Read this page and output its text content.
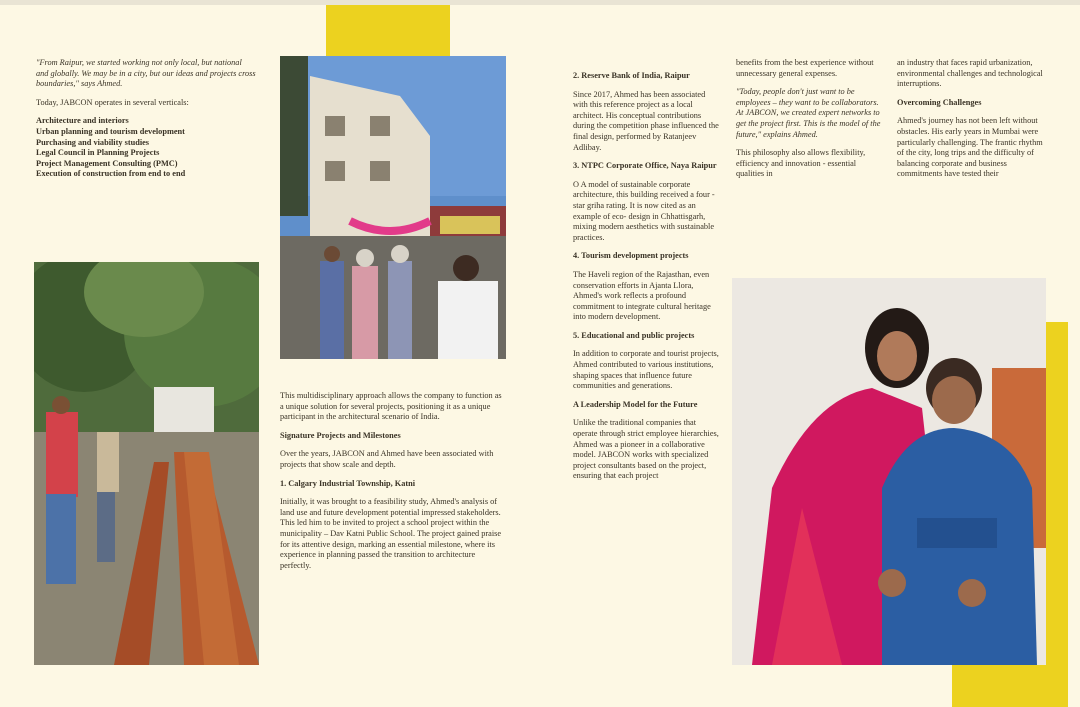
"From Raipur, we started working not only local, but national and globally. We may be in a city, but our ideas and projects cross boundaries," says Ahmed.

Today, JABCON operates in several verticals:

Architecture and interiors
Urban planning and tourism development
Purchasing and viability studies
Legal Council in Planning Projects
Project Management Consulting (PMC)
Execution of construction from end to end

This multidisciplinary approach allows the company to function as a unique solution for several projects, positioning it as a unique participant in the architectural scenario of India.

Signature Projects and Milestones

Over the years, JABCON and Ahmed have been associated with projects that show scale and depth.

1. Calgary Industrial Township, Katni

Initially, it was brought to a feasibility study, Ahmed's analysis of land use and future development potential impressed stakeholders. This led him to be invited to project a school project within the municipality – Dav Katni Public School. The project gained praise for its attentive design, marking an essential milestone, where its experience in planning passed the transition to architecture perfectly.

2. Reserve Bank of India, Raipur

Since 2017, Ahmed has been associated with this reference project as a local architect. His conceptual contributions during the competition phase influenced the final design, performed by Ratanjeev Adlibay.

3. NTPC Corporate Office, Naya Raipur

O A model of sustainable corporate architecture, this building received a four -star griha rating. It is now cited as an example of eco- design in Chhattisgarh, mixing modern aesthetics with sustainable practices.

4. Tourism development projects

The Haveli region of the Rajasthan, even conservation efforts in Ajanta Llora, Ahmed's work reflects a profound commitment to integrate cultural heritage into modern development.

5. Educational and public projects

In addition to corporate and tourist projects, Ahmed contributed to various institutions, shaping spaces that influence future communities and generations.

A Leadership Model for the Future

Unlike the traditional companies that operate through strict employee hierarchies, Ahmed was a pioneer in a collaborative model. JABCON works with specialized project consultants based on the project, ensuring that each project

benefits from the best experience without unnecessary general expenses.

"Today, people don't just want to be employees – they want to be collaborators. At JABCON, we created expert networks to get the project first. This is the model of the future," explains Ahmed.

This philosophy also allows flexibility, efficiency and innovation - essential qualities in

an industry that faces rapid urbanization, environmental challenges and technological interruptions.

Overcoming Challenges

Ahmed's journey has not been left without obstacles. His early years in Mumbai were particularly challenging. The frantic rhythm of the city, long trips and the difficulty of balancing corporate and business commitments have tested their
